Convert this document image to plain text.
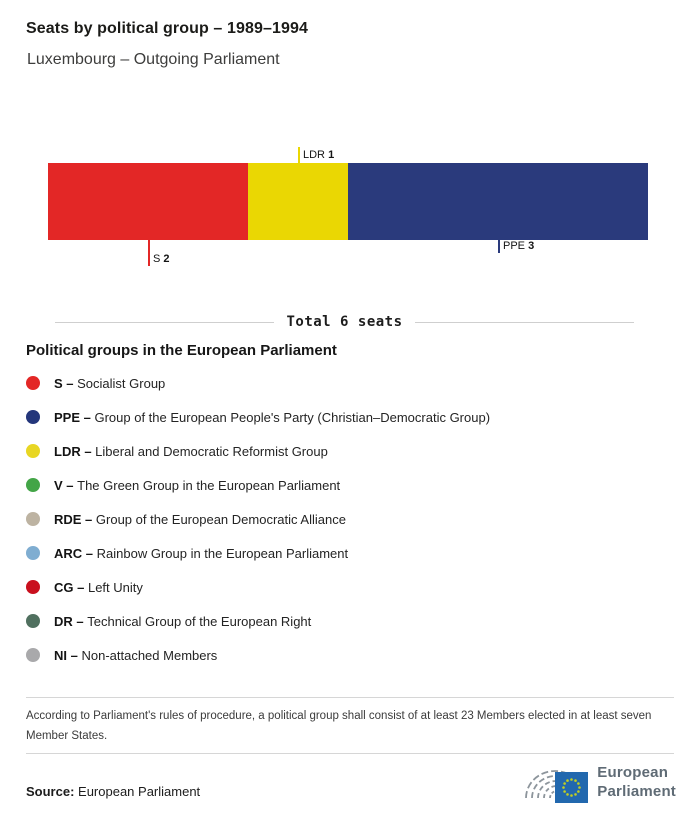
Seats by political group – 1989–1994
Luxembourg – Outgoing Parliament
S 2
LDR 1
PPE 3
Total 6 seats
Political groups in the European Parliament
S – Socialist Group
PPE – Group of the European People's Party (Christian–Democratic Group)
LDR – Liberal and Democratic Reformist Group
V – The Green Group in the European Parliament
RDE – Group of the European Democratic Alliance
ARC – Rainbow Group in the European Parliament
CG – Left Unity
DR – Technical Group of the European Right
NI – Non-attached Members
According to Parliament's rules of procedure, a political group shall consist of at least 23 Members elected in at least seven Member States.
Source: European Parliament
European
Parliament
